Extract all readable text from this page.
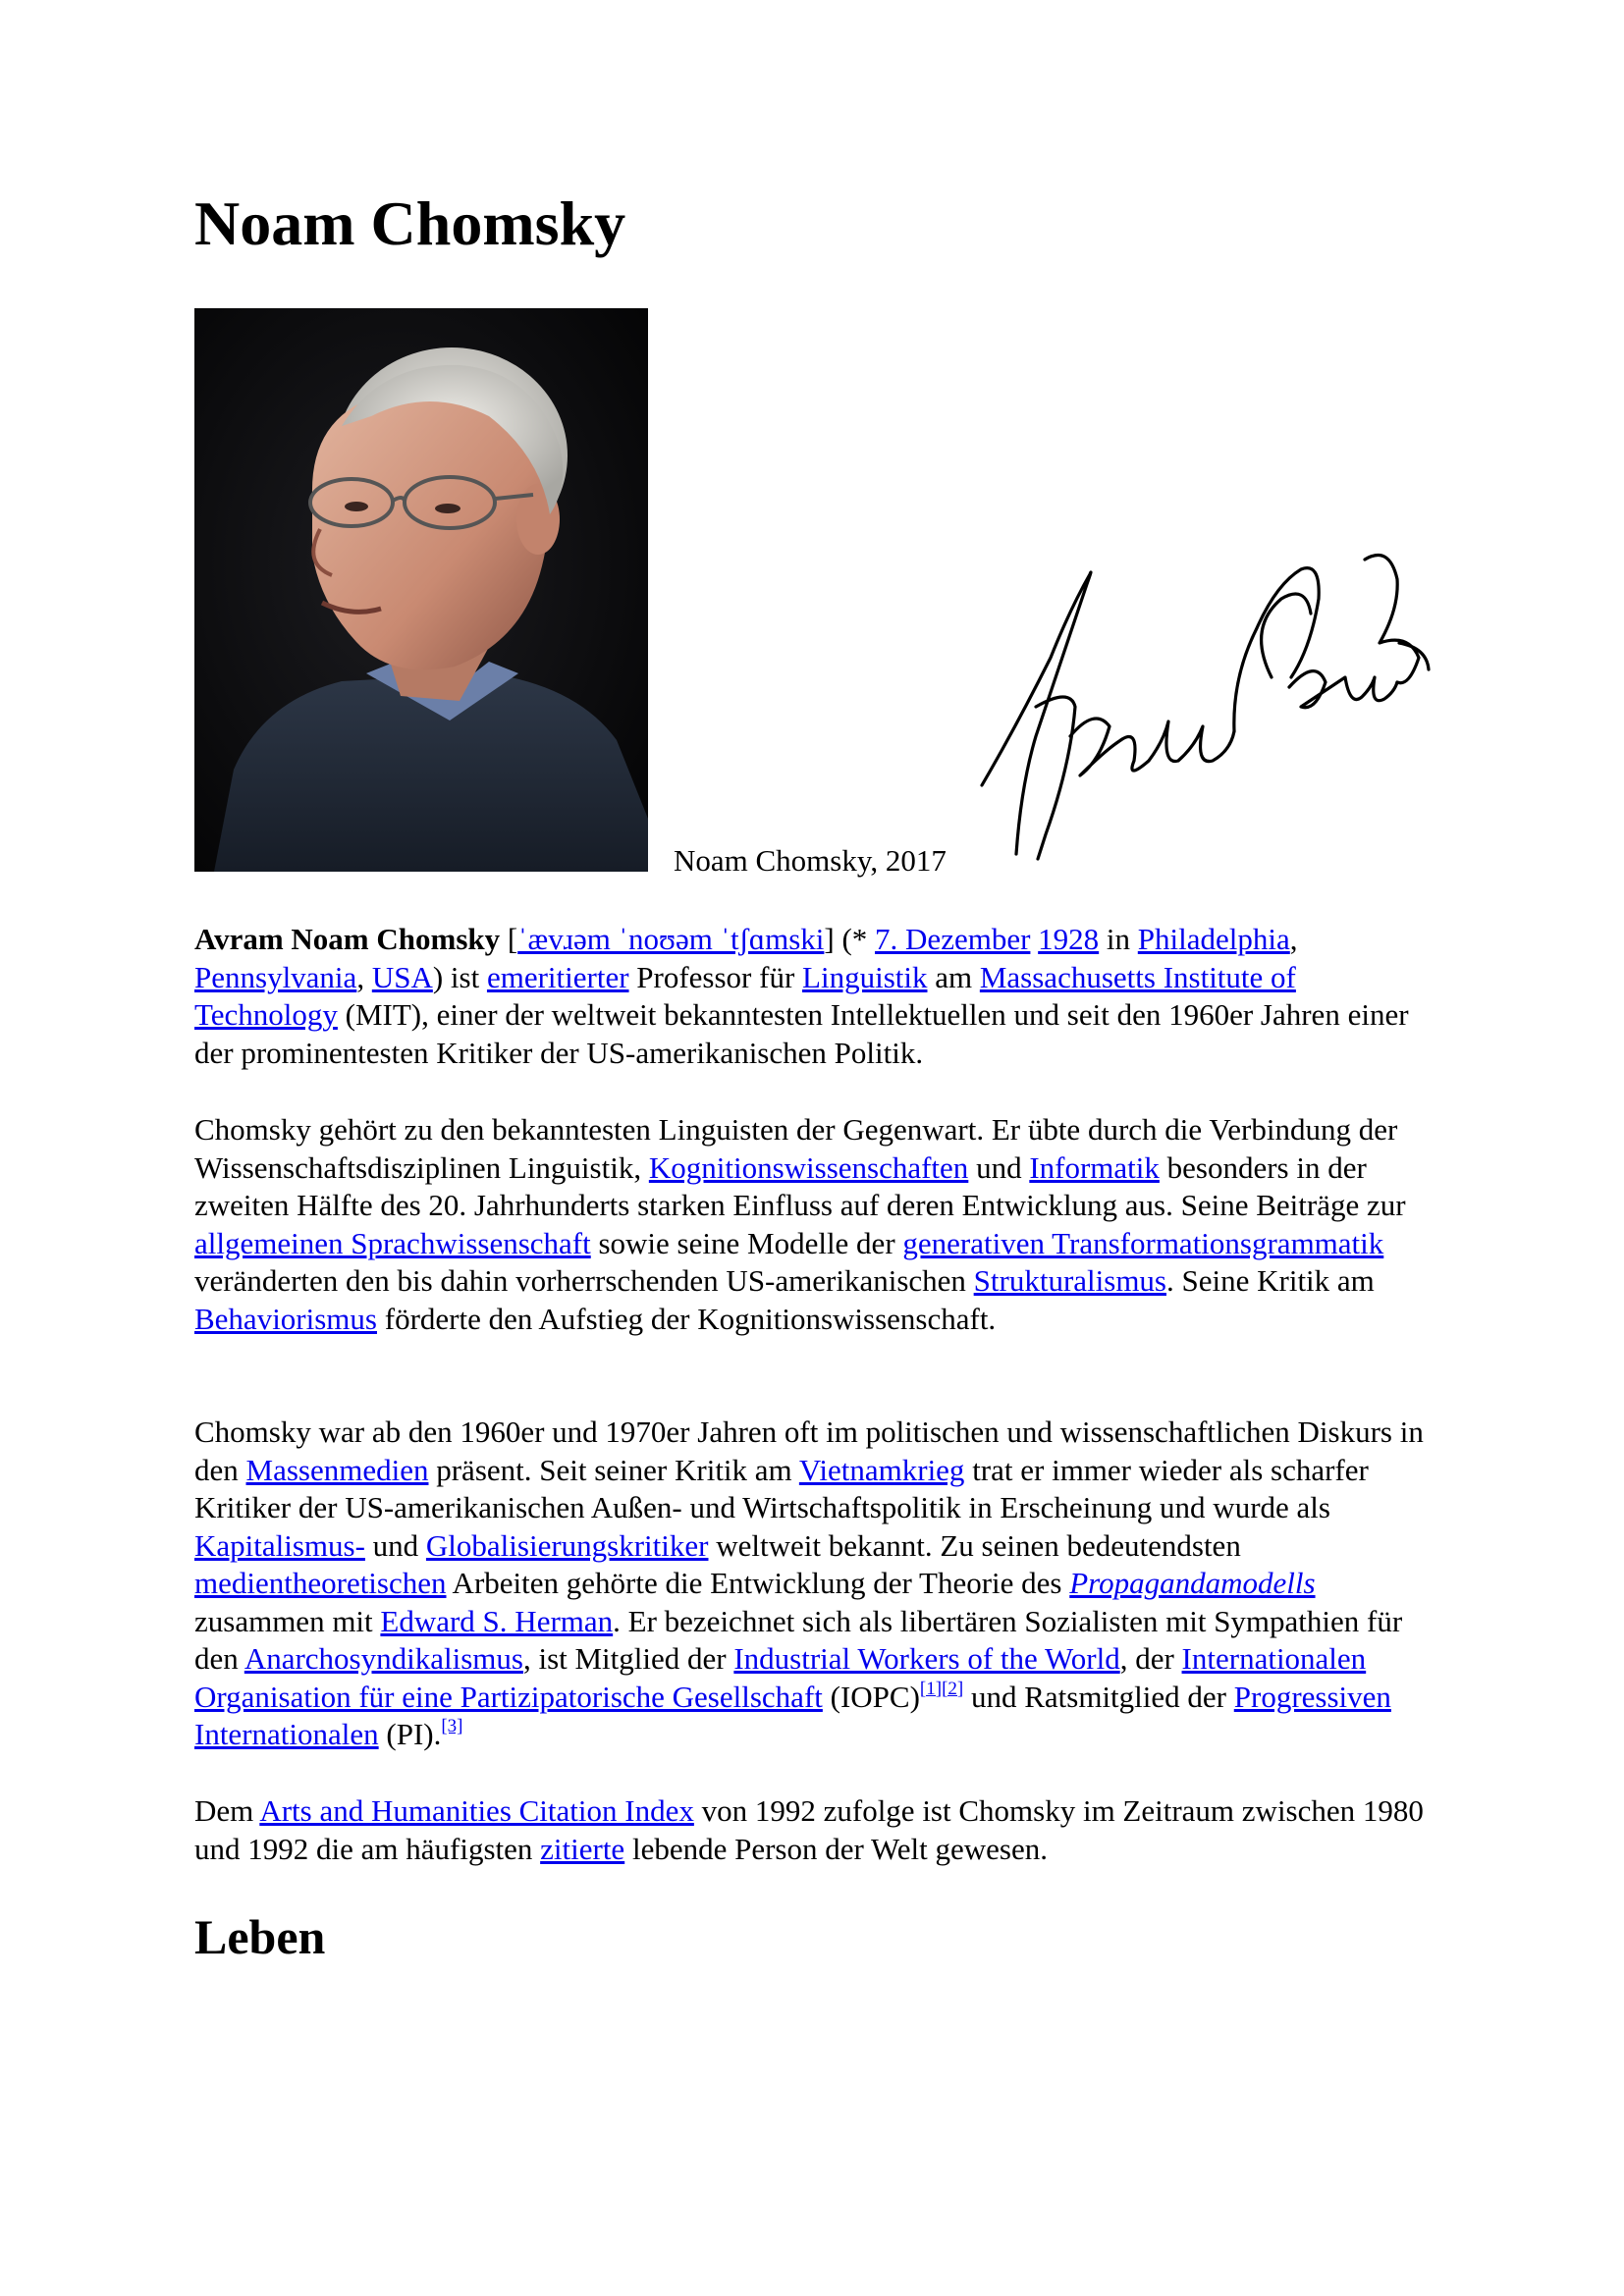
Noam Chomsky
Noam Chomsky, 2017

Avram Noam Chomsky [ˈævɹəm ˈnoʊəm ˈtʃɑmski] (* 7. Dezember 1928 in Philadelphia, Pennsylvania, USA) ist emeritierter Professor für Linguistik am Massachusetts Institute of Technology (MIT), einer der weltweit bekanntesten Intellektuellen und seit den 1960er Jahren einer der prominentesten Kritiker der US-amerikanischen Politik.

Chomsky gehört zu den bekanntesten Linguisten der Gegenwart. Er übte durch die Verbindung der Wissenschaftsdisziplinen Linguistik, Kognitionswissenschaften und Informatik besonders in der zweiten Hälfte des 20. Jahrhunderts starken Einfluss auf deren Entwicklung aus. Seine Beiträge zur allgemeinen Sprachwissenschaft sowie seine Modelle der generativen Transformationsgrammatik veränderten den bis dahin vorherrschenden US-amerikanischen Strukturalismus. Seine Kritik am Behaviorismus förderte den Aufstieg der Kognitionswissenschaft.

Chomsky war ab den 1960er und 1970er Jahren oft im politischen und wissenschaftlichen Diskurs in den Massenmedien präsent. Seit seiner Kritik am Vietnamkrieg trat er immer wieder als scharfer Kritiker der US-amerikanischen Außen- und Wirtschaftspolitik in Erscheinung und wurde als Kapitalismus- und Globalisierungskritiker weltweit bekannt. Zu seinen bedeutendsten medientheoretischen Arbeiten gehörte die Entwicklung der Theorie des Propagandamodells zusammen mit Edward S. Herman. Er bezeichnet sich als libertären Sozialisten mit Sympathien für den Anarchosyndikalismus, ist Mitglied der Industrial Workers of the World, der Internationalen Organisation für eine Partizipatorische Gesellschaft (IOPC)[1][2] und Ratsmitglied der Progressiven Internationalen (PI).[3]

Dem Arts and Humanities Citation Index von 1992 zufolge ist Chomsky im Zeitraum zwischen 1980 und 1992 die am häufigsten zitierte lebende Person der Welt gewesen.

Leben
